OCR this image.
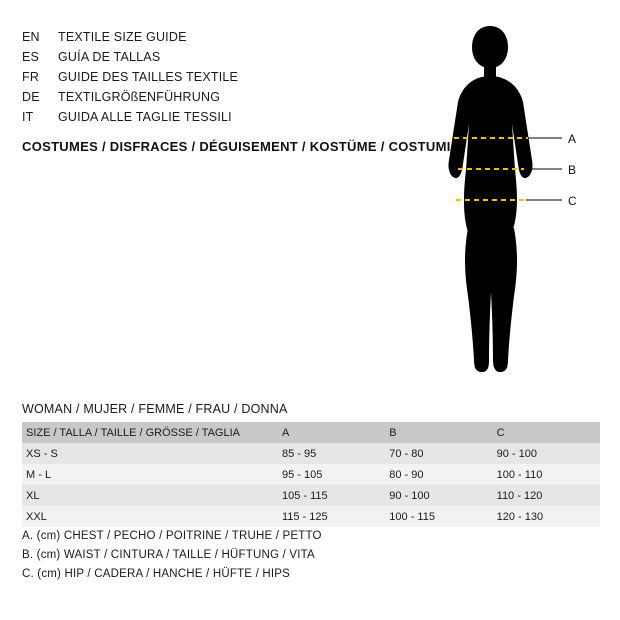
EN	TEXTILE SIZE GUIDE
ES	GUÍA DE TALLAS
FR	GUIDE DES TAILLES TEXTILE
DE	TEXTILGRÖßENFÜHRUNG
IT	GUIDA ALLE TAGLIE TESSILI
COSTUMES / DISFRACES / DÉGUISEMENT / KOSTÜME / COSTUMI	A
B
C
WOMAN / MUJER / FEMME / FRAU / DONNA
SIZE / TALLA / TAILLE / GRÖSSE / TAGLIA	A	B	C
XS - S	85 - 95	70 - 80	90 - 100
M - L	95 - 105	80 - 90	100 - 110
XL	105 - 115	90 - 100	110 - 120
XXL	115 - 125	100 - 115	120 - 130
A. (cm) CHEST / PECHO / POITRINE / TRUHE / PETTO
B. (cm) WAIST / CINTURA / TAILLE / HÜFTUNG / VITA
C. (cm) HIP / CADERA / HANCHE / HÜFTE / HIPS
